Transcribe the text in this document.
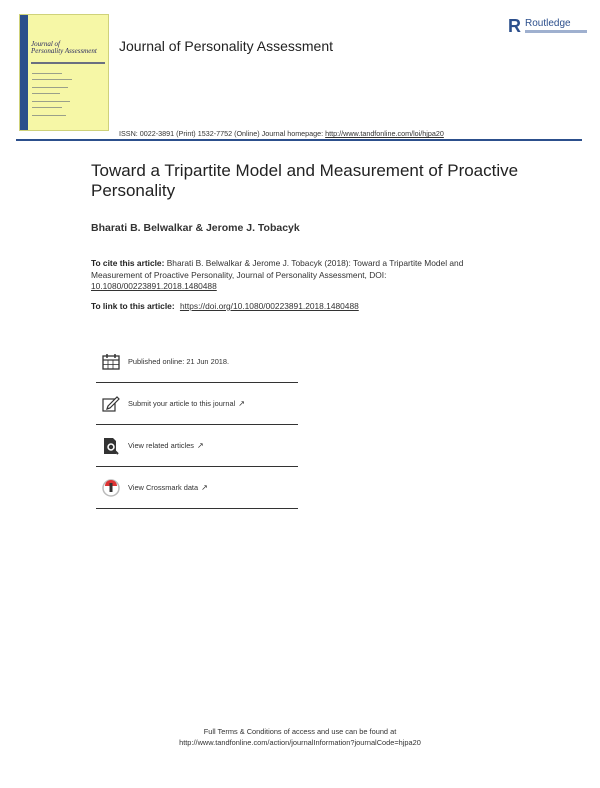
Journal of
Personality Assessment	Journal of Personality Assessment
R Routledge
ISSN: 0022-3891 (Print) 1532-7752 (Online) Journal homepage: http://www.tandfonline.com/loi/hjpa20
Toward a Tripartite Model and Measurement of Proactive Personality
Bharati B. Belwalkar & Jerome J. Tobacyk
To cite this article: Bharati B. Belwalkar & Jerome J. Tobacyk (2018): Toward a Tripartite Model and Measurement of Proactive Personality, Journal of Personality Assessment, DOI: 10.1080/00223891.2018.1480488
To link to this article: https://doi.org/10.1080/00223891.2018.1480488
Published online: 21 Jun 2018.
Submit your article to this journal ↗
View related articles ↗
View Crossmark data ↗
Full Terms & Conditions of access and use can be found at
http://www.tandfonline.com/action/journalInformation?journalCode=hjpa20
